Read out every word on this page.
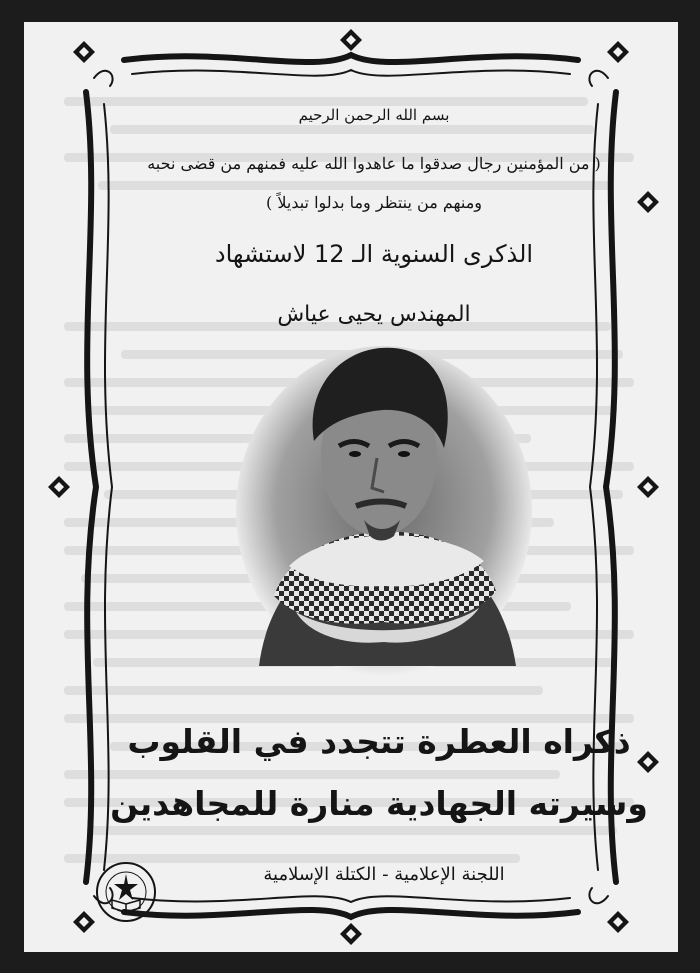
بسم الله الرحمن الرحيم

( من المؤمنين رجال صدقوا ما عاهدوا الله عليه فمنهم من قضى نحبه

ومنهم من ينتظر وما بدلوا تبديلاً )

الذكرى السنوية الـ 12 لاستشهاد

المهندس يحيى عياش

ذكراه العطرة تتجدد في القلوب

وسيرته الجهادية منارة للمجاهدين

اللجنة الإعلامية - الكتلة الإسلامية
